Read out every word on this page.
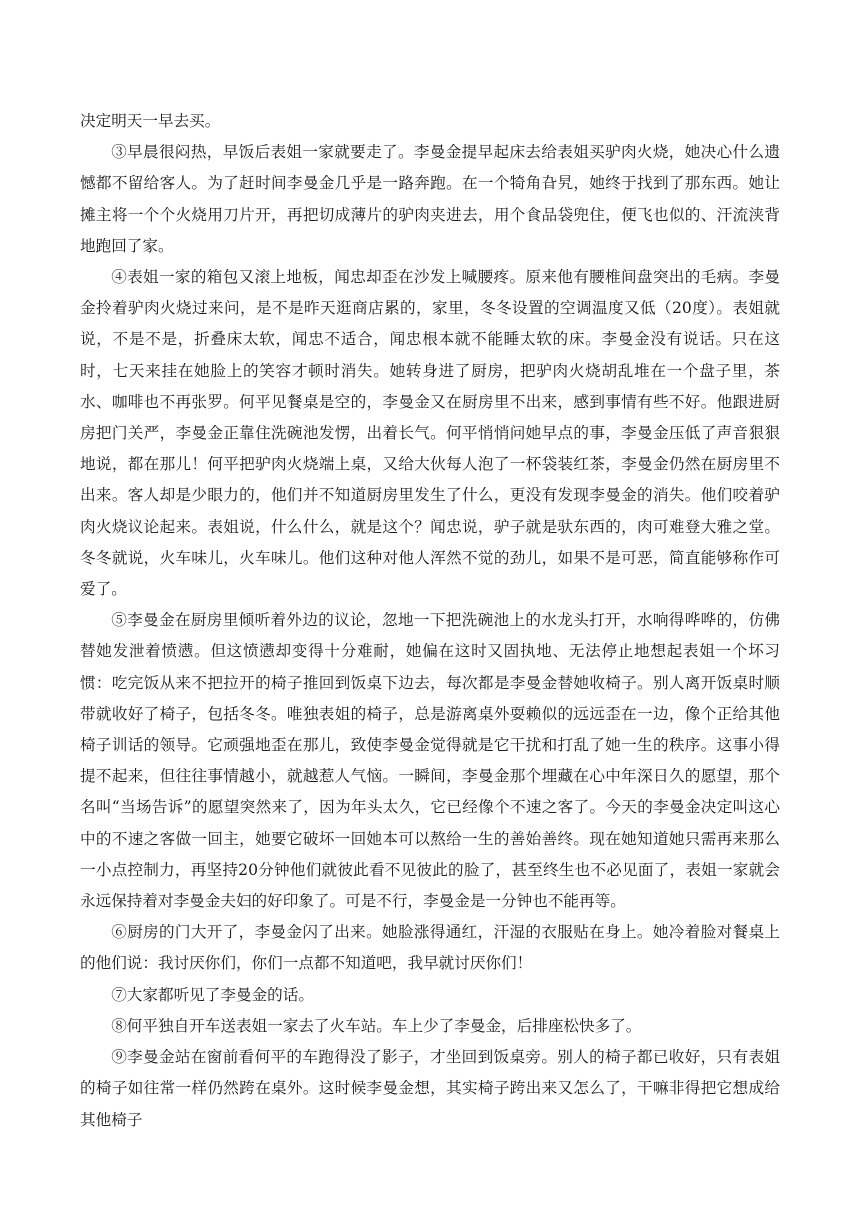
决定明天一早去买。

③早晨很闷热，早饭后表姐一家就要走了。李曼金提早起床去给表姐买驴肉火烧，她决心什么遗憾都不留给客人。为了赶时间李曼金几乎是一路奔跑。在一个犄角旮旯，她终于找到了那东西。她让摊主将一个个火烧用刀片开，再把切成薄片的驴肉夹进去，用个食品袋兜住，便飞也似的、汗流浃背地跑回了家。

④表姐一家的箱包又滚上地板，闻忠却歪在沙发上喊腰疼。原来他有腰椎间盘突出的毛病。李曼金拎着驴肉火烧过来问，是不是昨天逛商店累的，家里，冬冬设置的空调温度又低（20度）。表姐就说，不是不是，折叠床太软，闻忠不适合，闻忠根本就不能睡太软的床。李曼金没有说话。只在这时，七天来挂在她脸上的笑容才顿时消失。她转身进了厨房，把驴肉火烧胡乱堆在一个盘子里，茶水、咖啡也不再张罗。何平见餐桌是空的，李曼金又在厨房里不出来，感到事情有些不好。他跟进厨房把门关严，李曼金正靠住洗碗池发愣，出着长气。何平悄悄问她早点的事，李曼金压低了声音狠狠地说，都在那儿！何平把驴肉火烧端上桌，又给大伙每人泡了一杯袋装红茶，李曼金仍然在厨房里不出来。客人却是少眼力的，他们并不知道厨房里发生了什么，更没有发现李曼金的消失。他们咬着驴肉火烧议论起来。表姐说，什么什么，就是这个？闻忠说，驴子就是驮东西的，肉可难登大雅之堂。冬冬就说，火车味儿，火车味儿。他们这种对他人浑然不觉的劲儿，如果不是可恶，简直能够称作可爱了。

⑤李曼金在厨房里倾听着外边的议论，忽地一下把洗碗池上的水龙头打开，水响得哗哗的，仿佛替她发泄着愤懑。但这愤懑却变得十分难耐，她偏在这时又固执地、无法停止地想起表姐一个坏习惯：吃完饭从来不把拉开的椅子推回到饭桌下边去，每次都是李曼金替她收椅子。别人离开饭桌时顺带就收好了椅子，包括冬冬。唯独表姐的椅子，总是游离桌外耍赖似的远远歪在一边，像个正给其他椅子训话的领导。它顽强地歪在那儿，致使李曼金觉得就是它干扰和打乱了她一生的秩序。这事小得提不起来，但往往事情越小，就越惹人气恼。一瞬间，李曼金那个埋藏在心中年深日久的愿望，那个名叫“当场告诉”的愿望突然来了，因为年头太久，它已经像个不速之客了。今天的李曼金决定叫这心中的不速之客做一回主，她要它破坏一回她本可以熬给一生的善始善终。现在她知道她只需再来那么一小点控制力，再坚持20分钟他们就彼此看不见彼此的脸了，甚至终生也不必见面了，表姐一家就会永远保持着对李曼金夫妇的好印象了。可是不行，李曼金是一分钟也不能再等。

⑥厨房的门大开了，李曼金闪了出来。她脸涨得通红，汗湿的衣服贴在身上。她冷着脸对餐桌上的他们说：我讨厌你们，你们一点都不知道吧，我早就讨厌你们！

⑦大家都听见了李曼金的话。

⑧何平独自开车送表姐一家去了火车站。车上少了李曼金，后排座松快多了。

⑨李曼金站在窗前看何平的车跑得没了影子，才坐回到饭桌旁。别人的椅子都已收好，只有表姐的椅子如往常一样仍然跨在桌外。这时候李曼金想，其实椅子跨出来又怎么了，干嘛非得把它想成给其他椅子
